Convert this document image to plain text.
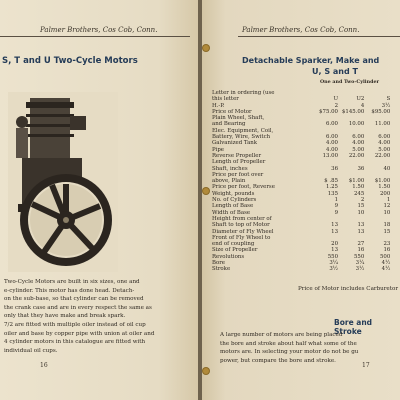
Palmer Brothers, Cos Cob, Conn.
S, T and U Two-Cycle Motors
Two-Cycle Motors are built in six sizes, one and
e-cylinder. This motor has done head. Detach-
on the sub-base, so that cylinder can be removed
the crank case and are in every respect the same as
only that they have make and break spark.
7/2 are fitted with multiple oiler instead of oil cup
oiler and base by copper pipe with union at oiler and
4 cylinder motors in this catalogue are fitted with
individual oil cups.
16
Palmer Brothers, Cos Cob, Conn.
Detachable Sparker, Make and
U, S and T
One and Two-Cylinder
Letter in ordering (use			
this letter	U	U2	S
H.-P.	2	4	3½
Price of Motor	$75.00	$145.00	$95.00
Plain Wheel, Shaft,			
and Bearing	6.00	10.00	11.00
Elec. Equipment, Coil,			
Battery, Wire, Switch	6.00	6.00	6.00
Galvanized Tank	4.00	4.00	4.00
Pipe	4.00	5.00	5.00

Reverse Propeller	13.00	22.00	22.00
Length of Propeller			
Shaft, inches	36	36	40
Price per foot over			
above, Plain	$ .85	$1.00	$1.00
Price per foot, Reverse	1.25	1.50	1.50
Weight, pounds	135	245	200
No. of Cylinders	1	2	1
Length of Base	9	15	12
Width of Base	9	10	10
Height from center of			
Shaft to top of Motor	13	13	18
Diameter of Fly Wheel	13	13	15
Front of Fly Wheel to			
end of coupling	20	27	23
Size of Propeller	13	16	16
Revolutions	550	550	500
Bore	3¼	3¼	4½
Stroke	3½	3½	4½
Price of Motor includes Carburetor
Bore and Stroke
A large number of motors are being placed
the bore and stroke about half what some of the
motors are. In selecting your motor do not be gu
power, but compare the bore and stroke.
17
